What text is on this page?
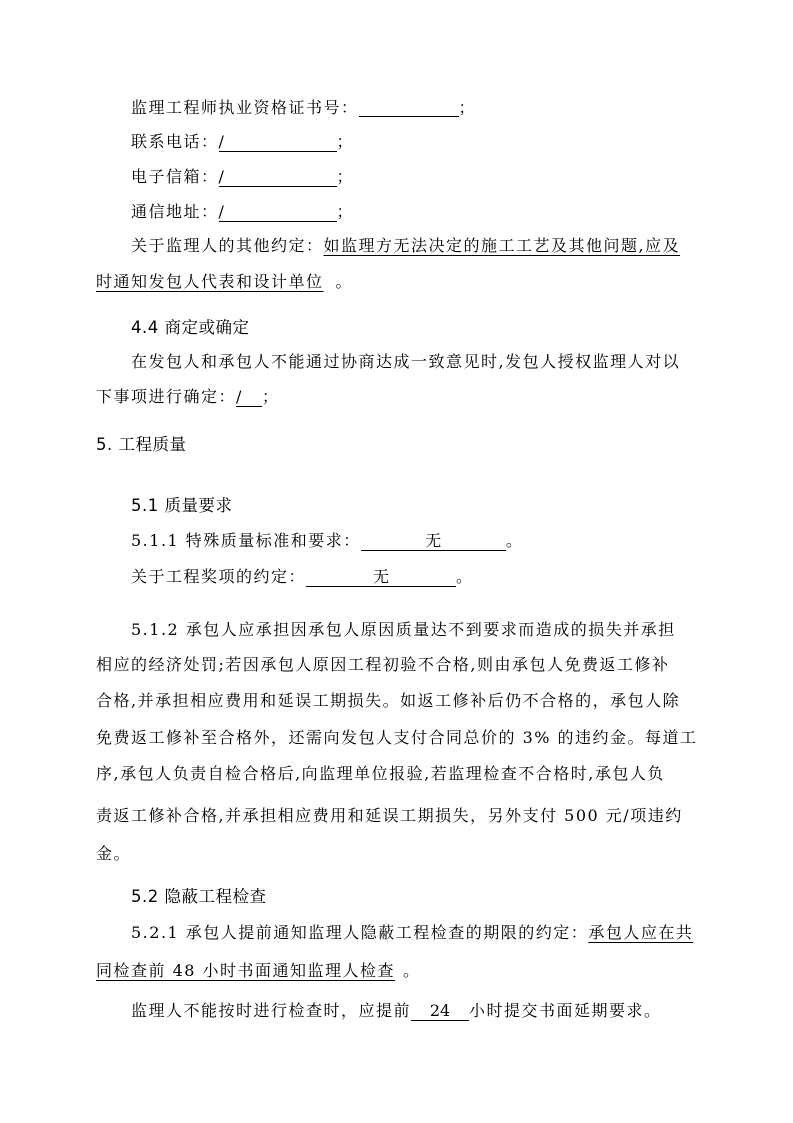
监理工程师执业资格证书号：	；
联系电话：/	；
电子信箱：/	；
通信地址：/	；
关于监理人的其他约定：如监理方无法决定的施工工艺及其他问题,应及
时通知发包人代表和设计单位 。
4.4 商定或确定
在发包人和承包人不能通过协商达成一致意见时,发包人授权监理人对以
下事项进行确定：/ ；
5. 工程质量
5.1 质量要求
5.1.1 特殊质量标准和要求：	无	。
关于工程奖项的约定：	无	。
5.1.2 承包人应承担因承包人原因质量达不到要求而造成的损失并承担
相应的经济处罚;若因承包人原因工程初验不合格,则由承包人免费返工修补
合格,并承担相应费用和延误工期损失。如返工修补后仍不合格的，承包人除
免费返工修补至合格外，还需向发包人支付合同总价的 3% 的违约金。每道工
序,承包人负责自检合格后,向监理单位报验,若监理检查不合格时,承包人负
责返工修补合格,并承担相应费用和延误工期损失，另外支付 500 元/项违约
金。
5.2 隐蔽工程检查
5.2.1 承包人提前通知监理人隐蔽工程检查的期限的约定：承包人应在共
同检查前 48 小时书面通知监理人检查 。
监理人不能按时进行检查时，应提前 24 小时提交书面延期要求。
